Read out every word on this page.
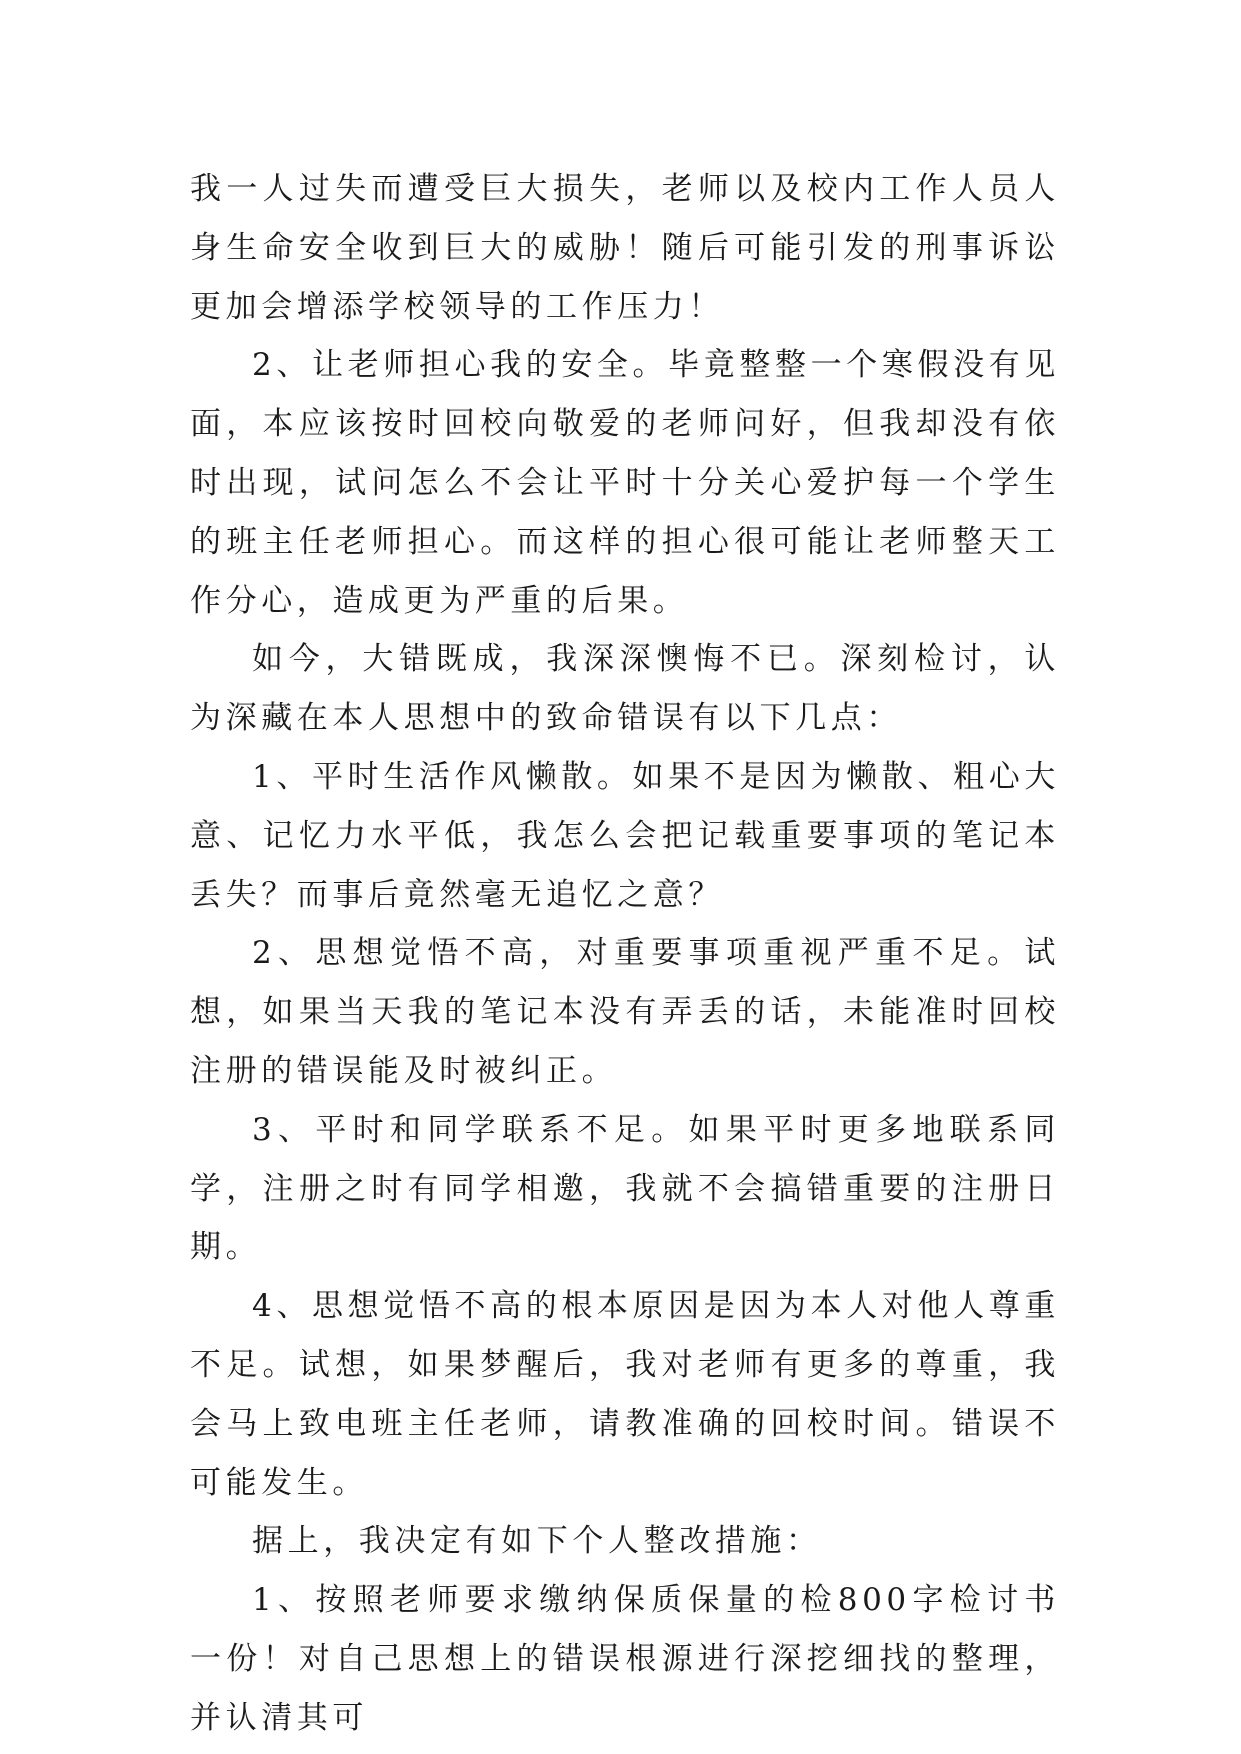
我一人过失而遭受巨大损失，老师以及校内工作人员人身生命安全收到巨大的威胁！随后可能引发的刑事诉讼更加会增添学校领导的工作压力！

2、让老师担心我的安全。毕竟整整一个寒假没有见面，本应该按时回校向敬爱的老师问好，但我却没有依时出现，试问怎么不会让平时十分关心爱护每一个学生的班主任老师担心。而这样的担心很可能让老师整天工作分心，造成更为严重的后果。

如今，大错既成，我深深懊悔不已。深刻检讨，认为深藏在本人思想中的致命错误有以下几点：

1、平时生活作风懒散。如果不是因为懒散、粗心大意、记忆力水平低，我怎么会把记载重要事项的笔记本丢失？而事后竟然毫无追忆之意？

2、思想觉悟不高，对重要事项重视严重不足。试想，如果当天我的笔记本没有弄丢的话，未能准时回校注册的错误能及时被纠正。

3、平时和同学联系不足。如果平时更多地联系同学，注册之时有同学相邀，我就不会搞错重要的注册日期。

4、思想觉悟不高的根本原因是因为本人对他人尊重不足。试想，如果梦醒后，我对老师有更多的尊重，我会马上致电班主任老师，请教准确的回校时间。错误不可能发生。

据上，我决定有如下个人整改措施：

1、按照老师要求缴纳保质保量的检800字检讨书一份！对自己思想上的错误根源进行深挖细找的整理，并认清其可
